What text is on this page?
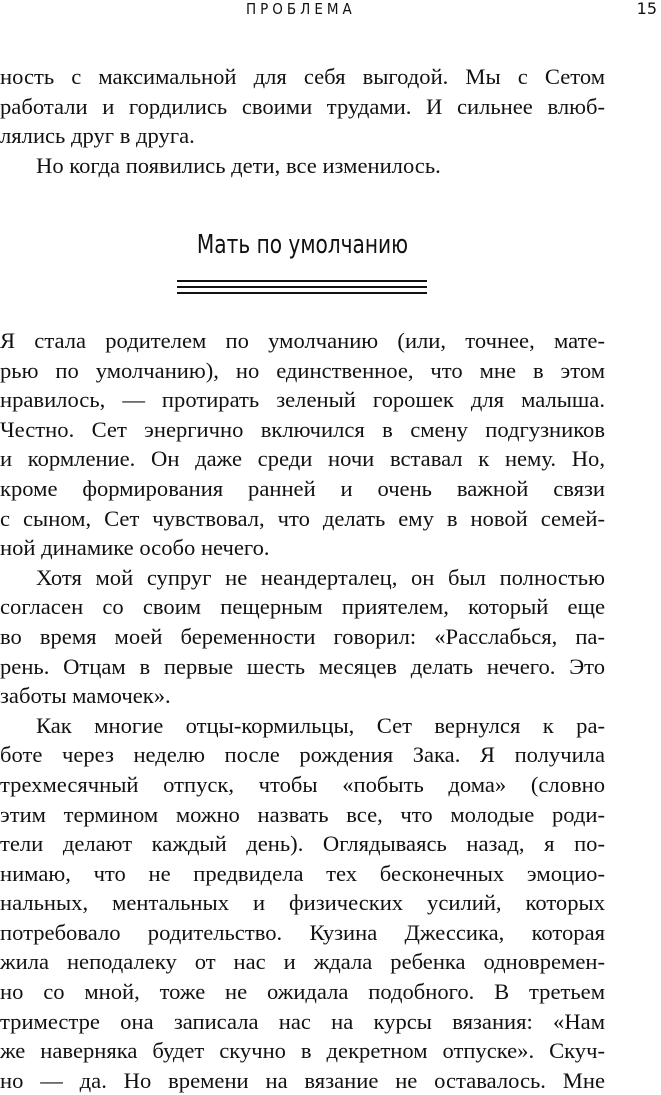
ПРОБЛЕМА	15
ность с максимальной для себя выгодой. Мы с Сетом
работали и гордились своими трудами. И сильнее влюб-
лялись друг в друга.
Но когда появились дети, все изменилось.
Мать по умолчанию
Я стала родителем по умолчанию (или, точнее, мате-
рью по умолчанию), но единственное, что мне в этом
нравилось, — протирать зеленый горошек для малыша.
Честно. Сет энергично включился в смену подгузников
и кормление. Он даже среди ночи вставал к нему. Но,
кроме формирования ранней и очень важной связи
с сыном, Сет чувствовал, что делать ему в новой семей-
ной динамике особо нечего.
Хотя мой супруг не неандерталец, он был полностью
согласен со своим пещерным приятелем, который еще
во время моей беременности говорил: «Расслабься, па-
рень. Отцам в первые шесть месяцев делать нечего. Это
заботы мамочек».
Как многие отцы-кормильцы, Сет вернулся к ра-
боте через неделю после рождения Зака. Я получила
трехмесячный отпуск, чтобы «побыть дома» (словно
этим термином можно назвать все, что молодые роди-
тели делают каждый день). Оглядываясь назад, я по-
нимаю, что не предвидела тех бесконечных эмоцио-
нальных, ментальных и физических усилий, которых
потребовало родительство. Кузина Джессика, которая
жила неподалеку от нас и ждала ребенка одновремен-
но со мной, тоже не ожидала подобного. В третьем
триместре она записала нас на курсы вязания: «Нам
же наверняка будет скучно в декретном отпуске». Скуч-
но — да. Но времени на вязание не оставалось. Мне
